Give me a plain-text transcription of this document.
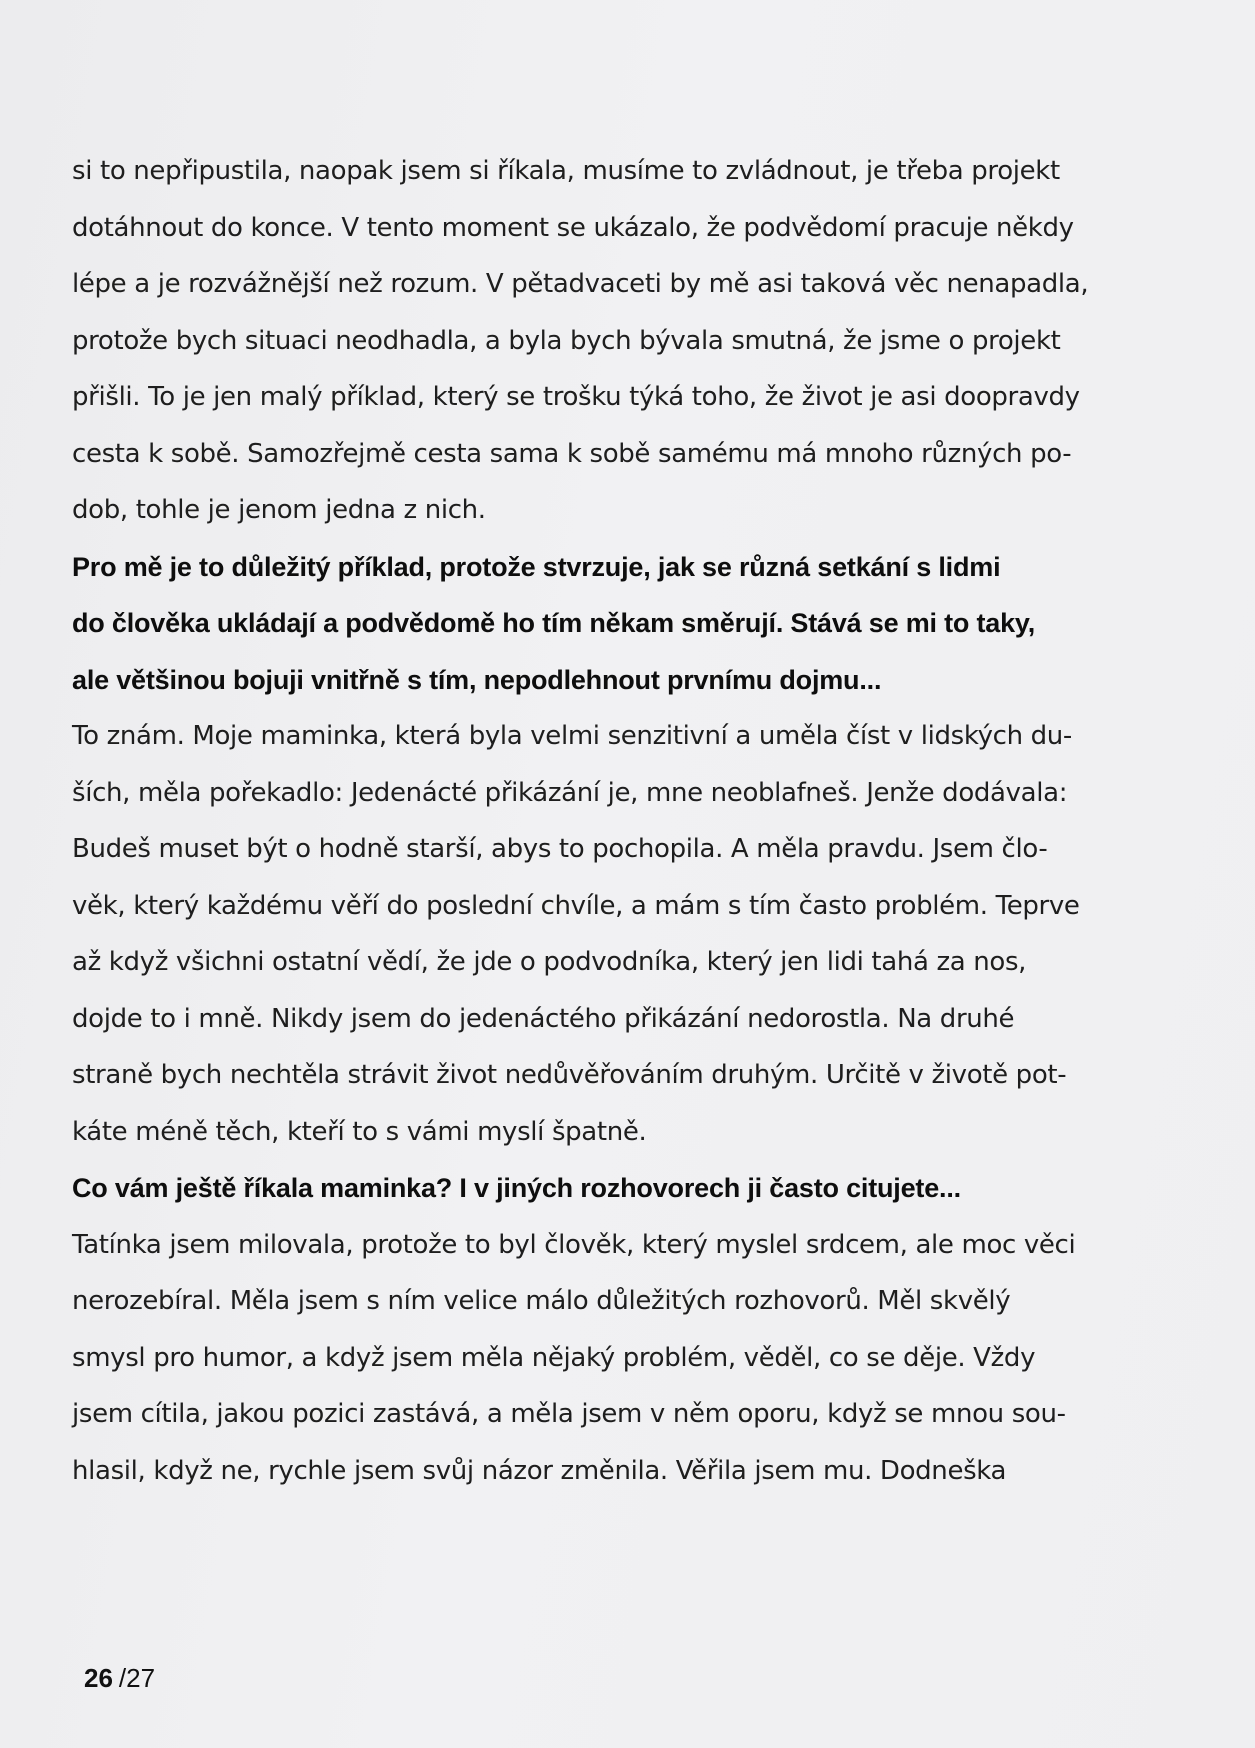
si to nepřipustila, naopak jsem si říkala, musíme to zvládnout, je třeba projekt
dotáhnout do konce. V tento moment se ukázalo, že podvědomí pracuje někdy
lépe a je rozvážnější než rozum. V pětadvaceti by mě asi taková věc nenapadla,
protože bych situaci neodhadla, a byla bych bývala smutná, že jsme o projekt
přišli. To je jen malý příklad, který se trošku týká toho, že život je asi doopravdy
cesta k sobě. Samozřejmě cesta sama k sobě samému má mnoho různých po-
dob, tohle je jenom jedna z nich.
Pro mě je to důležitý příklad, protože stvrzuje, jak se různá setkání s lidmi
do člověka ukládají a podvědomě ho tím někam směrují. Stává se mi to taky,
ale většinou bojuji vnitřně s tím, nepodlehnout prvnímu dojmu...
To znám. Moje maminka, která byla velmi senzitivní a uměla číst v lidských du-
ších, měla pořekadlo: Jedenácté přikázání je, mne neoblafneš. Jenže dodávala:
Budeš muset být o hodně starší, abys to pochopila. A měla pravdu. Jsem člo-
věk, který každému věří do poslední chvíle, a mám s tím často problém. Teprve
až když všichni ostatní vědí, že jde o podvodníka, který jen lidi tahá za nos,
dojde to i mně. Nikdy jsem do jedenáctého přikázání nedorostla. Na druhé
straně bych nechtěla strávit život nedůvěřováním druhým. Určitě v životě pot-
káte méně těch, kteří to s vámi myslí špatně.
Co vám ještě říkala maminka? I v jiných rozhovorech ji často citujete...
Tatínka jsem milovala, protože to byl člověk, který myslel srdcem, ale moc věci
nerozebíral. Měla jsem s ním velice málo důležitých rozhovorů. Měl skvělý
smysl pro humor, a když jsem měla nějaký problém, věděl, co se děje. Vždy
jsem cítila, jakou pozici zastává, a měla jsem v něm oporu, když se mnou sou-
hlasil, když ne, rychle jsem svůj názor změnila. Věřila jsem mu. Dodneška
26 /27
